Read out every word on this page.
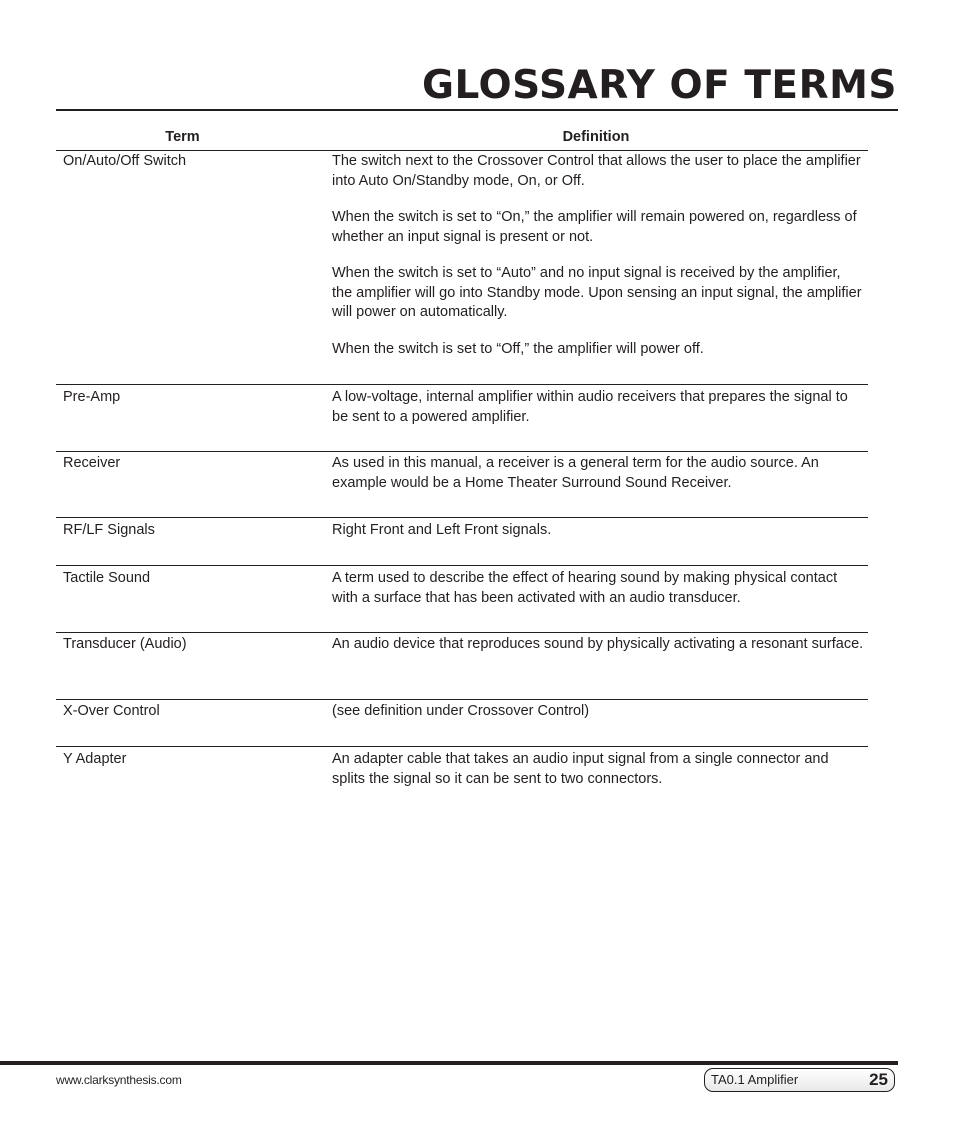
GLOSSARY OF TERMS
Term	Definition
On/Auto/Off Switch	The switch next to the Crossover Control that allows the user to place the amplifier into Auto On/Standby mode, On, or Off.

When the switch is set to “On,” the amplifier will remain powered on, regardless of whether an input signal is present or not.

When the switch is set to “Auto” and no input signal is received by the amplifier, the amplifier will go into Standby mode. Upon sensing an input signal, the amplifier will power on automatically.

When the switch is set to “Off,” the amplifier will power off.

Pre-Amp	A low-voltage, internal amplifier within audio receivers that prepares the signal to be sent to a powered amplifier.

Receiver	As used in this manual, a receiver is a general term for the audio source. An example would be a Home Theater Surround Sound Receiver.

RF/LF Signals	Right Front and Left Front signals.

Tactile Sound	A term used to describe the effect of hearing sound by making physical contact with a surface that has been activated with an audio transducer.

Transducer (Audio)	An audio device that reproduces sound by physically activating a resonant surface.

X-Over Control	(see definition under Crossover Control)

Y Adapter	An adapter cable that takes an audio input signal from a single connector and splits the signal so it can be sent to two connectors.

www.clarksynthesis.com	TA0.1 Amplifier	25
